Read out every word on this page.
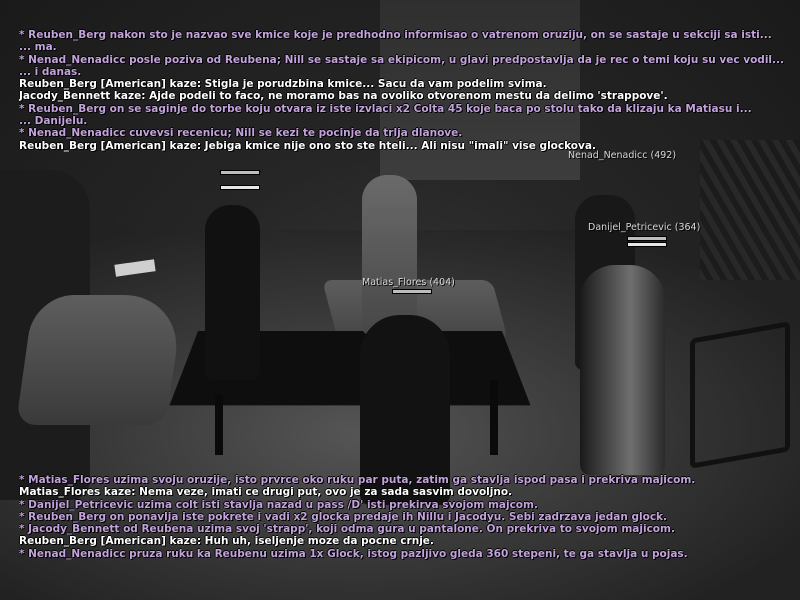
Nenad_Nenadicc (492)
Danijel_Petricevic (364)
Matias_Flores (404)
* Reuben_Berg nakon sto je nazvao sve kmice koje je predhodno informisao o vatrenom oruziju, on se sastaje u sekciji sa isti...
... ma.
* Nenad_Nenadicc posle poziva od Reubena; Nill se sastaje sa ekipicom, u glavi predpostavlja da je rec o temi koju su vec vodil...
... i danas.
Reuben_Berg [American] kaze: Stigla je porudzbina kmice... Sacu da vam podelim svima.
Jacody_Bennett kaze: Ajde podeli to faco, ne moramo bas na ovoliko otvorenom mestu da delimo 'strappove'.
* Reuben_Berg on se saginje do torbe koju otvara iz iste izvlaci x2 Colta 45 koje baca po stolu tako da klizaju ka Matiasu i...
... Danijelu.
* Nenad_Nenadicc cuvevsi recenicu; Nill se kezi te pocinje da trlja dlanove.
Reuben_Berg [American] kaze: Jebiga kmice nije ono sto ste hteli... Ali nisu "imali" vise glockova.
* Matias_Flores uzima svoju oruzije, isto prvrce oko ruku par puta, zatim ga stavlja ispod pasa i prekriva majicom.
Matias_Flores kaze: Nema veze, imati ce drugi put, ovo je za sada sasvim dovoljno.
* Danijel_Petricevic uzima colt isti stavlja nazad u pass /D' isti prekirva svojom majcom.
* Reuben_Berg on ponavlja iste pokrete i vadi x2 glocka predaje ih Nillu i Jacodyu. Sebi zadrzava jedan glock.
* Jacody_Bennett od Reubena uzima svoj 'strapp', koji odma gura u pantalone. On prekriva to svojom majicom.
Reuben_Berg [American] kaze: Huh uh, iseljenje moze da pocne crnje.
* Nenad_Nenadicc pruza ruku ka Reubenu uzima 1x Glock, istog pazljivo gleda 360 stepeni, te ga stavlja u pojas.
